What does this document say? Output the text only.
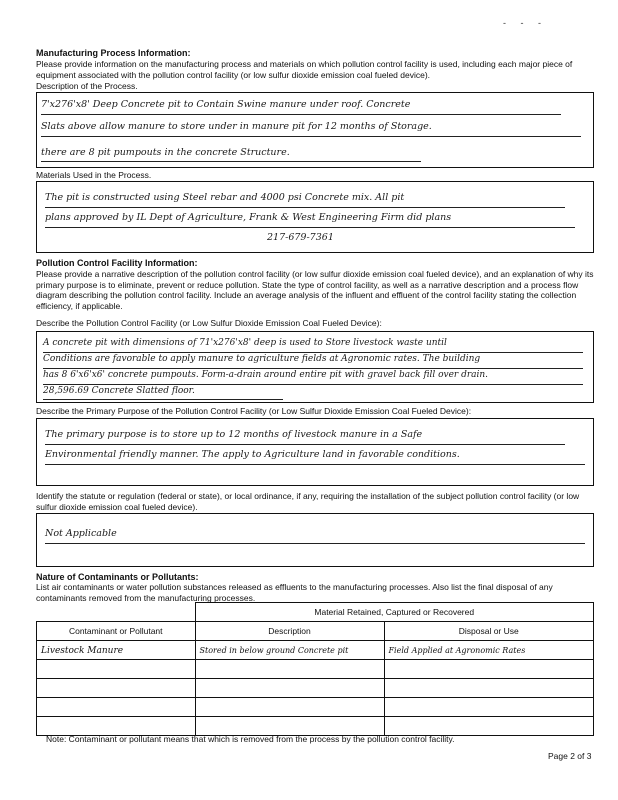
- - -
Manufacturing Process Information:
Please provide information on the manufacturing process and materials on which pollution control facility is used, including each major piece of equipment associated with the pollution control facility (or low sulfur dioxide emission coal fueled device).
Description of the Process.
7'x276'x8' Deep Concrete pit to Contain Swine manure under roof. Concrete
Slats above allow manure to store under in manure pit for 12 months of Storage.
there are 8 pit pumpouts in the concrete Structure.
Materials Used in the Process.
The pit is constructed using Steel rebar and 4000 psi Concrete mix. All pit
plans approved by IL Dept of Agriculture, Frank & West Engineering Firm did plans
217-679-7361
Pollution Control Facility Information:
Please provide a narrative description of the pollution control facility (or low sulfur dioxide emission coal fueled device), and an explanation of why its primary purpose is to eliminate, prevent or reduce pollution. State the type of control facility, as well as a narrative description and a process flow diagram describing the pollution control facility. Include an average analysis of the influent and effluent of the control facility stating the collection efficiency, if applicable.
Describe the Pollution Control Facility (or Low Sulfur Dioxide Emission Coal Fueled Device):
A concrete pit with dimensions of 71'x276'x8' deep is used to Store livestock waste until
Conditions are favorable to apply manure to agriculture fields at Agronomic rates. The building
has 8 6'x6'x6' concrete pumpouts. Form-a-drain around entire pit with gravel back fill over drain.
28,596.69 Concrete Slatted floor.
Describe the Primary Purpose of the Pollution Control Facility (or Low Sulfur Dioxide Emission Coal Fueled Device):
The primary purpose is to store up to 12 months of livestock manure in a Safe
Environmental friendly manner. The apply to Agriculture land in favorable conditions.
Identify the statute or regulation (federal or state), or local ordinance, if any, requiring the installation of the subject pollution control facility (or low sulfur dioxide emission coal fueled device).
Not Applicable
Nature of Contaminants or Pollutants:
List air contaminants or water pollution substances released as effluents to the manufacturing processes. Also list the final disposal of any contaminants removed from the manufacturing processes.
	Material Retained, Captured or Recovered	
Contaminant or Pollutant	Description	Disposal or Use
Livestock Manure	Stored in below ground Concrete pit	Field Applied at Agronomic Rates

Note: Contaminant or pollutant means that which is removed from the process by the pollution control facility.
Page 2 of 3
